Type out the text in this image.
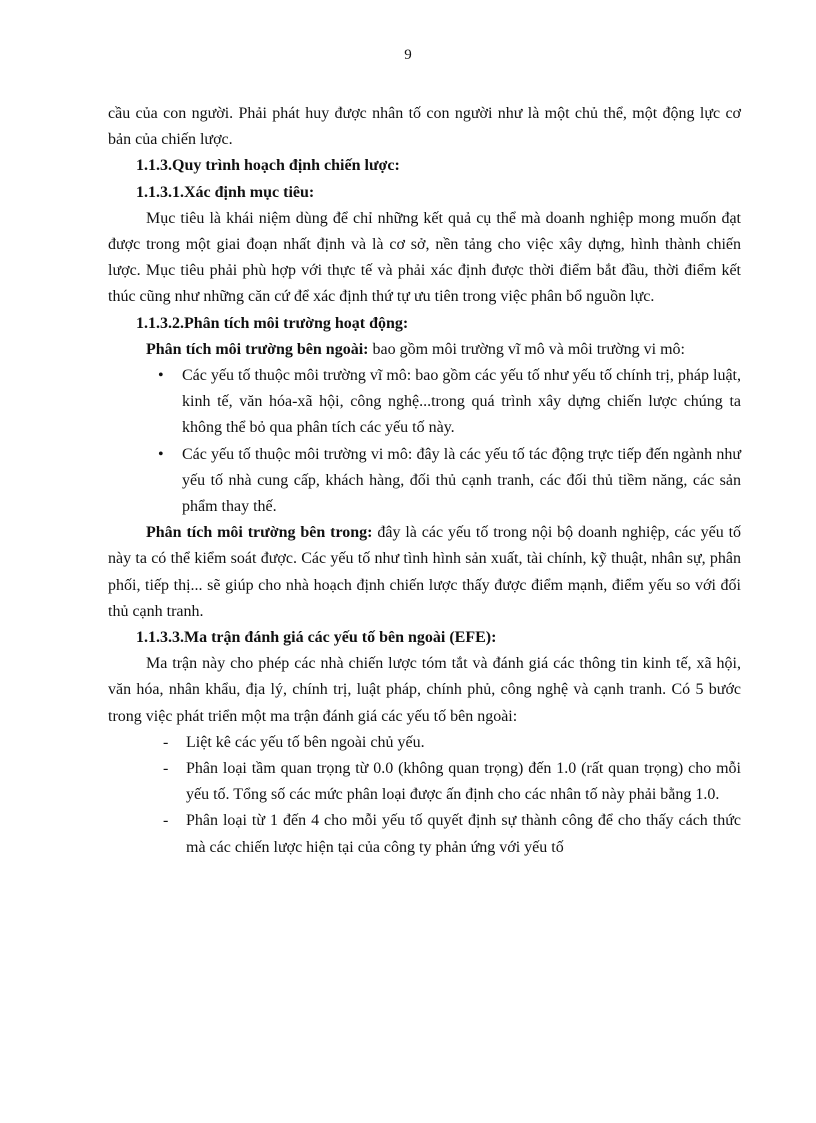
9

cầu của con người. Phải phát huy được nhân tố con người như là một chủ thể, một động lực cơ bản của chiến lược.

1.1.3.Quy trình hoạch định chiến lược:
1.1.3.1.Xác định mục tiêu:

Mục tiêu là khái niệm dùng để chỉ những kết quả cụ thể mà doanh nghiệp mong muốn đạt được trong một giai đoạn nhất định và là cơ sở, nền tảng cho việc xây dựng, hình thành chiến lược. Mục tiêu phải phù hợp với thực tế và phải xác định được thời điểm bắt đầu, thời điểm kết thúc cũng như những căn cứ để xác định thứ tự ưu tiên trong việc phân bổ nguồn lực.

1.1.3.2.Phân tích môi trường hoạt động:

Phân tích môi trường bên ngoài: bao gồm môi trường vĩ mô và môi trường vi mô:

• Các yếu tố thuộc môi trường vĩ mô: bao gồm các yếu tố như yếu tố chính trị, pháp luật, kinh tế, văn hóa-xã hội, công nghệ...trong quá trình xây dựng chiến lược chúng ta không thể bỏ qua phân tích các yếu tố này.
• Các yếu tố thuộc môi trường vi mô: đây là các yếu tố tác động trực tiếp đến ngành như yếu tố nhà cung cấp, khách hàng, đối thủ cạnh tranh, các đối thủ tiềm năng, các sản phẩm thay thế.

Phân tích môi trường bên trong: đây là các yếu tố trong nội bộ doanh nghiệp, các yếu tố này ta có thể kiểm soát được. Các yếu tố như tình hình sản xuất, tài chính, kỹ thuật, nhân sự, phân phối, tiếp thị... sẽ giúp cho nhà hoạch định chiến lược thấy được điểm mạnh, điểm yếu so với đối thủ cạnh tranh.

1.1.3.3.Ma trận đánh giá các yếu tố bên ngoài (EFE):

Ma trận này cho phép các nhà chiến lược tóm tắt và đánh giá các thông tin kinh tế, xã hội, văn hóa, nhân khẩu, địa lý, chính trị, luật pháp, chính phủ, công nghệ và cạnh tranh. Có 5 bước trong việc phát triển một ma trận đánh giá các yếu tố bên ngoài:

- Liệt kê các yếu tố bên ngoài chủ yếu.
- Phân loại tầm quan trọng từ 0.0 (không quan trọng) đến 1.0 (rất quan trọng) cho mỗi yếu tố. Tổng số các mức phân loại được ấn định cho các nhân tố này phải bằng 1.0.
- Phân loại từ 1 đến 4 cho mỗi yếu tố quyết định sự thành công để cho thấy cách thức mà các chiến lược hiện tại của công ty phản ứng với yếu tố
